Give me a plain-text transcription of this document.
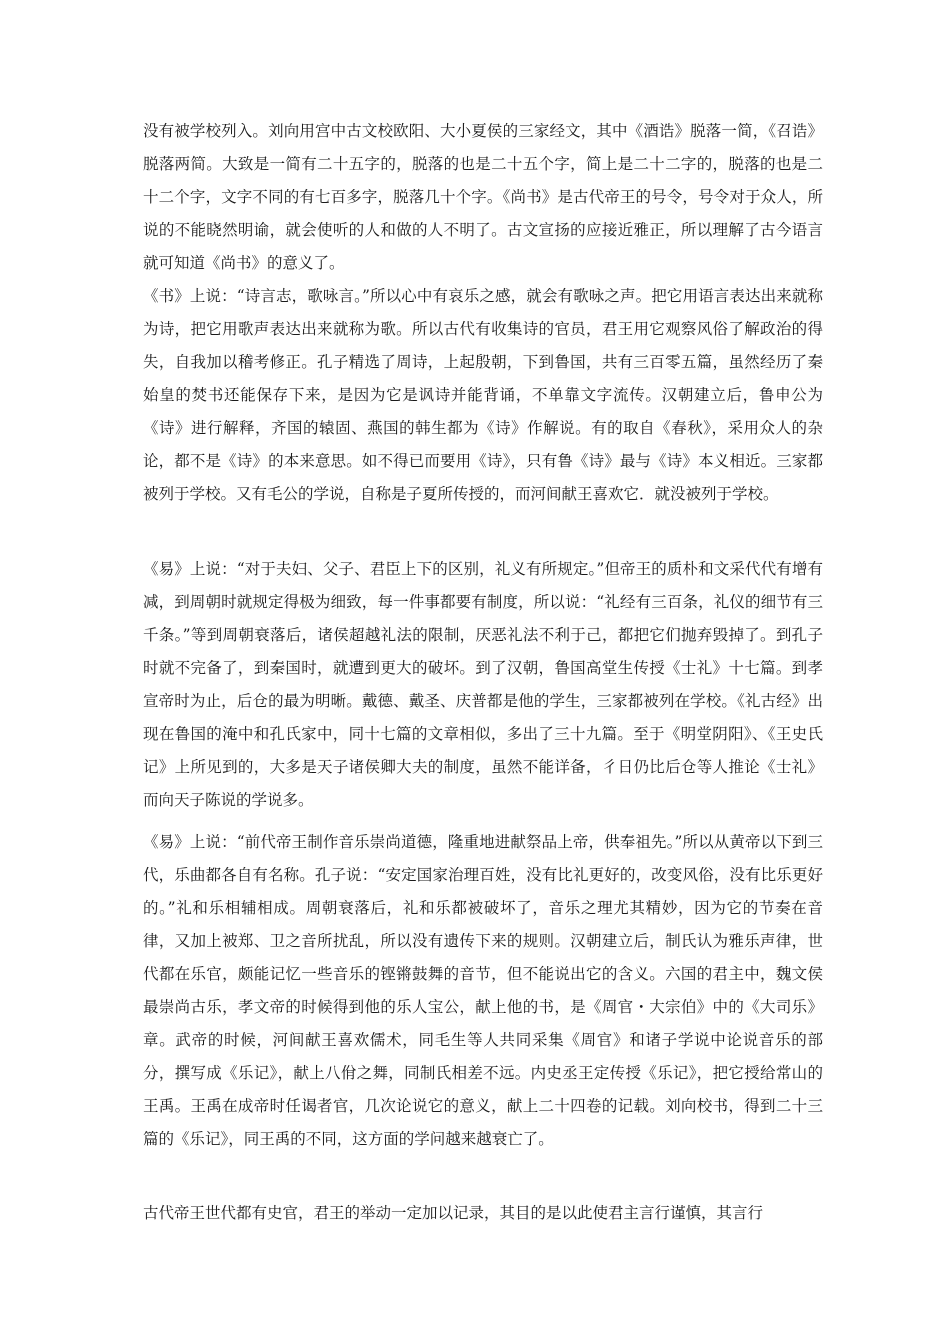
没有被学校列入。刘向用宫中古文校欧阳、大小夏侯的三家经文，其中《酒诰》脱落一简，《召诰》脱落两简。大致是一简有二十五字的，脱落的也是二十五个字，简上是二十二字的，脱落的也是二十二个字，文字不同的有七百多字，脱落几十个字。《尚书》是古代帝王的号令，号令对于众人，所说的不能晓然明谕，就会使听的人和做的人不明了。古文宣扬的应接近雅正，所以理解了古今语言就可知道《尚书》的意义了。

《书》上说：“诗言志，歌咏言。”所以心中有哀乐之感，就会有歌咏之声。把它用语言表达出来就称为诗，把它用歌声表达出来就称为歌。所以古代有收集诗的官员，君王用它观察风俗了解政治的得失，自我加以稽考修正。孔子精选了周诗，上起殷朝，下到鲁国，共有三百零五篇，虽然经历了秦始皇的焚书还能保存下来，是因为它是讽诗并能背诵，不单靠文字流传。汉朝建立后，鲁申公为《诗》进行解释，齐国的辕固、燕国的韩生都为《诗》作解说。有的取自《春秋》，采用众人的杂论，都不是《诗》的本来意思。如不得已而要用《诗》，只有鲁《诗》最与《诗》本义相近。三家都被列于学校。又有毛公的学说，自称是子夏所传授的，而河间献王喜欢它．就没被列于学校。

《易》上说：“对于夫妇、父子、君臣上下的区别，礼义有所规定。”但帝王的质朴和文采代代有增有减，到周朝时就规定得极为细致，每一件事都要有制度，所以说：“礼经有三百条，礼仪的细节有三千条。”等到周朝衰落后，诸侯超越礼法的限制，厌恶礼法不利于己，都把它们抛弃毁掉了。到孔子时就不完备了，到秦国时，就遭到更大的破坏。到了汉朝，鲁国高堂生传授《士礼》十七篇。到孝宣帝时为止，后仓的最为明晰。戴德、戴圣、庆普都是他的学生，三家都被列在学校。《礼古经》出现在鲁国的淹中和孔氏家中，同十七篇的文章相似，多出了三十九篇。至于《明堂阴阳》、《王史氏记》上所见到的，大多是天子诸侯卿大夫的制度，虽然不能详备，彳日仍比后仓等人推论《士礼》而向天子陈说的学说多。

《易》上说：“前代帝王制作音乐崇尚道德，隆重地进献祭品上帝，供奉祖先。”所以从黄帝以下到三代，乐曲都各自有名称。孔子说：“安定国家治理百姓，没有比礼更好的，改变风俗，没有比乐更好的。”礼和乐相辅相成。周朝衰落后，礼和乐都被破坏了，音乐之理尤其精妙，因为它的节奏在音律，又加上被郑、卫之音所扰乱，所以没有遗传下来的规则。汉朝建立后，制氏认为雅乐声律，世代都在乐官，颇能记忆一些音乐的铿锵鼓舞的音节，但不能说出它的含义。六国的君主中，魏文侯最崇尚古乐，孝文帝的时候得到他的乐人宝公，献上他的书，是《周官・大宗伯》中的《大司乐》章。武帝的时候，河间献王喜欢儒术，同毛生等人共同采集《周官》和诸子学说中论说音乐的部分，撰写成《乐记》，献上八佾之舞，同制氏相差不远。内史丞王定传授《乐记》，把它授给常山的王禹。王禹在成帝时任谒者官，几次论说它的意义，献上二十四卷的记载。刘向校书，得到二十三篇的《乐记》，同王禹的不同，这方面的学问越来越衰亡了。

古代帝王世代都有史官，君王的举动一定加以记录，其目的是以此使君主言行谨慎，其言行
